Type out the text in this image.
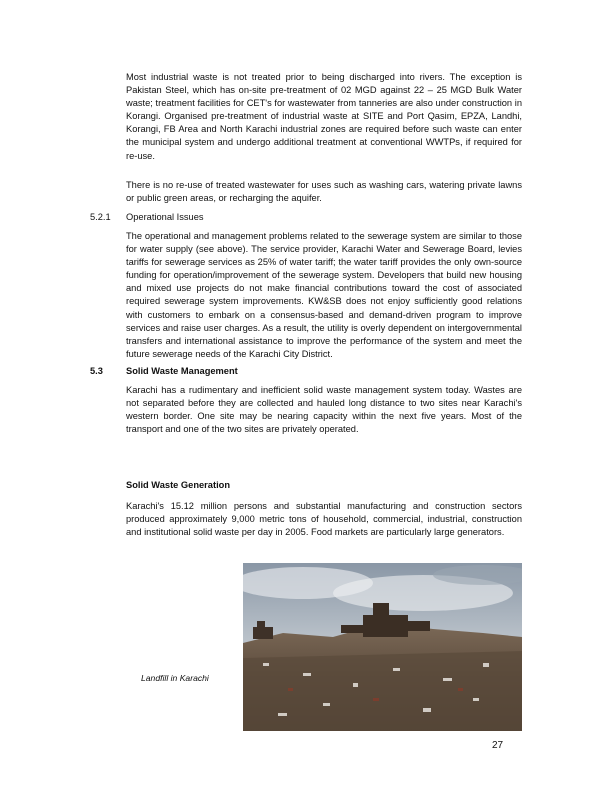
Most industrial waste is not treated prior to being discharged into rivers. The exception is Pakistan Steel, which has on-site pre-treatment of 02 MGD against 22 – 25 MGD Bulk Water waste; treatment facilities for CET's for wastewater from tanneries are also under construction in Korangi. Organised pre-treatment of industrial waste at SITE and Port Qasim, EPZA, Landhi, Korangi, FB Area and North Karachi industrial zones are required before such waste can enter the municipal system and undergo additional treatment at conventional WWTPs, if required for re-use.

There is no re-use of treated wastewater for uses such as washing cars, watering private lawns or public green areas, or recharging the aquifer.

5.2.1 Operational Issues

The operational and management problems related to the sewerage system are similar to those for water supply (see above). The service provider, Karachi Water and Sewerage Board, levies tariffs for sewerage services as 25% of water tariff; the water tariff provides the only own-source funding for operation/improvement of the sewerage system. Developers that build new housing and mixed use projects do not make financial contributions toward the cost of associated required sewerage system improvements. KW&SB does not enjoy sufficiently good relations with customers to embark on a consensus-based and demand-driven program to improve services and raise user charges. As a result, the utility is overly dependent on intergovernmental transfers and international assistance to improve the performance of the system and meet the future sewerage needs of the Karachi City District.

5.3 Solid Waste Management

Karachi has a rudimentary and inefficient solid waste management system today. Wastes are not separated before they are collected and hauled long distance to two sites near Karachi's western border. One site may be nearing capacity within the next five years. Most of the transport and one of the two sites are privately operated.

Solid Waste Generation

Karachi's 15.12 million persons and substantial manufacturing and construction sectors produced approximately 9,000 metric tons of household, commercial, industrial, construction and institutional solid waste per day in 2005. Food markets are particularly large generators.

Landfill in Karachi

27
